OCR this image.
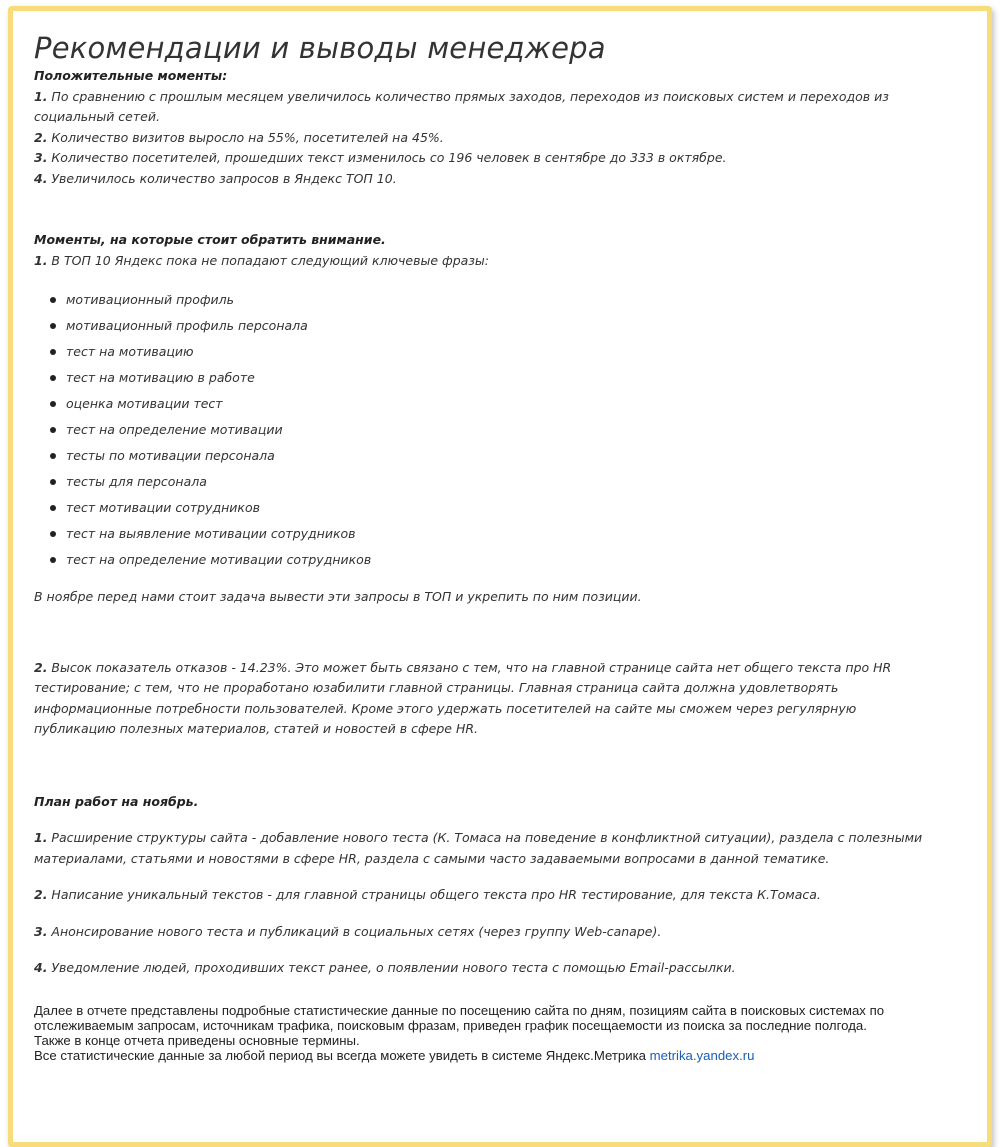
Рекомендации и выводы менеджера

Положительные моменты:

1. По сравнению с прошлым месяцем увеличилось количество прямых заходов, переходов из поисковых систем и переходов из социальный сетей.

2. Количество визитов выросло на 55%, посетителей на 45%.

3. Количество посетителей, прошедших текст изменилось со 196 человек в сентябре до 333 в октябре.

4. Увеличилось количество запросов в Яндекс ТОП 10.

Моменты, на которые стоит обратить внимание.

1. В ТОП 10 Яндекс пока не попадают следующий ключевые фразы:

мотивационный профиль
мотивационный профиль персонала
тест на мотивацию
тест на мотивацию в работе
оценка мотивации тест
тест на определение мотивации
тесты по мотивации персонала
тесты для персонала
тест мотивации сотрудников
тест на выявление мотивации сотрудников
тест на определение мотивации сотрудников

В ноябре перед нами стоит задача вывести эти запросы в ТОП и укрепить по ним позиции.

2. Высок показатель отказов - 14.23%. Это может быть связано с тем, что на главной странице сайта нет общего текста про HR тестирование; с тем, что не проработано юзабилити главной страницы. Главная страница сайта должна удовлетворять информационные потребности пользователей. Кроме этого удержать посетителей на сайте мы сможем через регулярную публикацию полезных материалов, статей и новостей в сфере HR.

План работ на ноябрь.

1. Расширение структуры сайта - добавление нового теста (К. Томаса на поведение в конфликтной ситуации), раздела с полезными материалами, статьями и новостями в сфере HR, раздела с самыми часто задаваемыми вопросами в данной тематике.

2. Написание уникальный текстов - для главной страницы общего текста про HR тестирование, для текста К.Томаса.

3. Анонсирование нового теста и публикаций в социальных сетях (через группу Web-canape).

4. Уведомление людей, проходивших текст ранее, о появлении нового теста с помощью Email-рассылки.

Далее в отчете представлены подробные статистические данные по посещению сайта по дням, позициям сайта в поисковых системах по отслеживаемым запросам, источникам трафика, поисковым фразам, приведен график посещаемости из поиска за последние полгода.

Также в конце отчета приведены основные термины.

Все статистические данные за любой период вы всегда можете увидеть в системе Яндекс.Метрика metrika.yandex.ru
